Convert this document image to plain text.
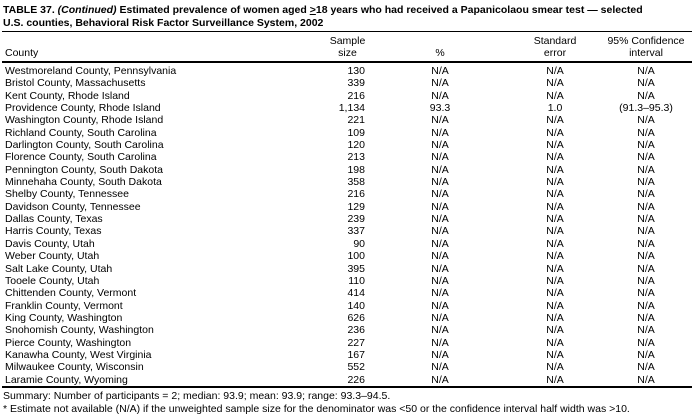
TABLE 37. (Continued) Estimated prevalence of women aged ≥18 years who had received a Papanicolaou smear test — selected
U.S. counties, Behavioral Risk Factor Surveillance System, 2002
	Sample		Standard	95% Confidence
County	size	%	error	interval
Westmoreland County, Pennsylvania	130	N/A	N/A	N/A
Bristol County, Massachusetts	339	N/A	N/A	N/A
Kent County, Rhode Island	216	N/A	N/A	N/A
Providence County, Rhode Island	1,134	93.3	1.0	(91.3–95.3)
Washington County, Rhode Island	221	N/A	N/A	N/A
Richland County, South Carolina	109	N/A	N/A	N/A
Darlington County, South Carolina	120	N/A	N/A	N/A
Florence County, South Carolina	213	N/A	N/A	N/A
Pennington County, South Dakota	198	N/A	N/A	N/A
Minnehaha County, South Dakota	358	N/A	N/A	N/A
Shelby County, Tennessee	216	N/A	N/A	N/A
Davidson County, Tennessee	129	N/A	N/A	N/A
Dallas County, Texas	239	N/A	N/A	N/A
Harris County, Texas	337	N/A	N/A	N/A
Davis County, Utah	90	N/A	N/A	N/A
Weber County, Utah	100	N/A	N/A	N/A
Salt Lake County, Utah	395	N/A	N/A	N/A
Tooele County, Utah	110	N/A	N/A	N/A
Chittenden County, Vermont	414	N/A	N/A	N/A
Franklin County, Vermont	140	N/A	N/A	N/A
King County, Washington	626	N/A	N/A	N/A
Snohomish County, Washington	236	N/A	N/A	N/A
Pierce County, Washington	227	N/A	N/A	N/A
Kanawha County, West Virginia	167	N/A	N/A	N/A
Milwaukee County, Wisconsin	552	N/A	N/A	N/A
Laramie County, Wyoming	226	N/A	N/A	N/A
Summary: Number of participants = 2; median: 93.9; mean: 93.9; range: 93.3–94.5.
* Estimate not available (N/A) if the unweighted sample size for the denominator was <50 or the confidence interval half width was >10.
